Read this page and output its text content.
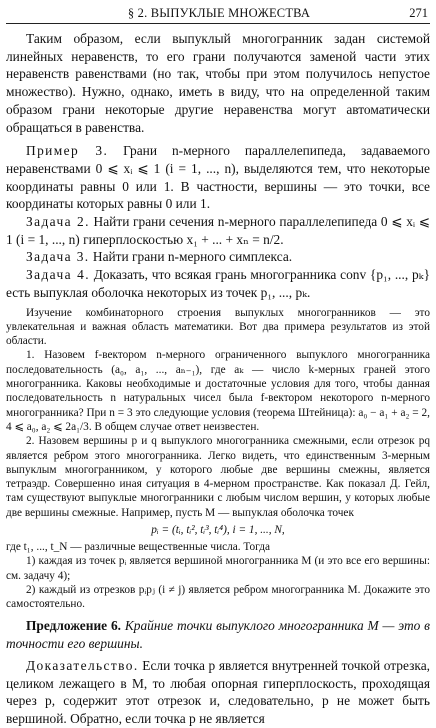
§ 2. ВЫПУКЛЫЕ МНОЖЕСТВА	271

Таким образом, если выпуклый многогранник задан системой линейных неравенств, то его грани получаются заменой части этих неравенств равенствами (но так, чтобы при этом получилось непустое множество). Нужно, однако, иметь в виду, что на определенной таким образом грани некоторые другие неравенства могут автоматически обращаться в равенства.

Пример 3. Грани n-мерного параллелепипеда, задаваемого неравенствами 0 ⩽ xᵢ ⩽ 1 (i = 1, ..., n), выделяются тем, что некоторые координаты равны 0 или 1. В частности, вершины — это точки, все координаты которых равны 0 или 1.

Задача 2. Найти грани сечения n-мерного параллелепипеда 0 ⩽ xᵢ ⩽ 1 (i = 1, ..., n) гиперплоскостью x₁ + ... + xₙ = n/2.

Задача 3. Найти грани n-мерного симплекса.

Задача 4. Доказать, что всякая грань многогранника conv {p₁, ..., pₖ} есть выпуклая оболочка некоторых из точек p₁, ..., pₖ.

Изучение комбинаторного строения выпуклых многогранников — это увлекательная и важная область математики. Вот два примера результатов из этой области.

1. Назовем f-вектором n-мерного ограниченного выпуклого многогранника последовательность (a₀, a₁, ..., aₙ₋₁), где aₖ — число k-мерных граней этого многогранника. Каковы необходимые и достаточные условия для того, чтобы данная последовательность n натуральных чисел была f-вектором некоторого n-мерного многогранника? При n = 3 это следующие условия (теорема Штейница): a₀ − a₁ + a₂ = 2, 4 ⩽ a₀, a₂ ⩽ 2a₁/3. В общем случае ответ неизвестен.

2. Назовем вершины p и q выпуклого многогранника смежными, если отрезок pq является ребром этого многогранника. Легко видеть, что единственным 3-мерным выпуклым многогранником, у которого любые две вершины смежны, является тетраэдр. Совершенно иная ситуация в 4-мерном пространстве. Как показал Д. Гейл, там существуют выпуклые многогранники с любым числом вершин, у которых любые две вершины смежные. Например, пусть M — выпуклая оболочка точек

pᵢ = (tᵢ, tᵢ², tᵢ³, tᵢ⁴), i = 1, ..., N,

где t₁, ..., t_N — различные вещественные числа. Тогда

1) каждая из точек pᵢ является вершиной многогранника M (и это все его вершины: см. задачу 4);

2) каждый из отрезков pᵢpⱼ (i ≠ j) является ребром многогранника M. Докажите это самостоятельно.

Предложение 6. Крайние точки выпуклого многогранника M — это в точности его вершины.

Доказательство. Если точка p является внутренней точкой отрезка, целиком лежащего в M, то любая опорная гиперплоскость, проходящая через p, содержит этот отрезок и, следовательно, p не может быть вершиной. Обратно, если точка p не является
